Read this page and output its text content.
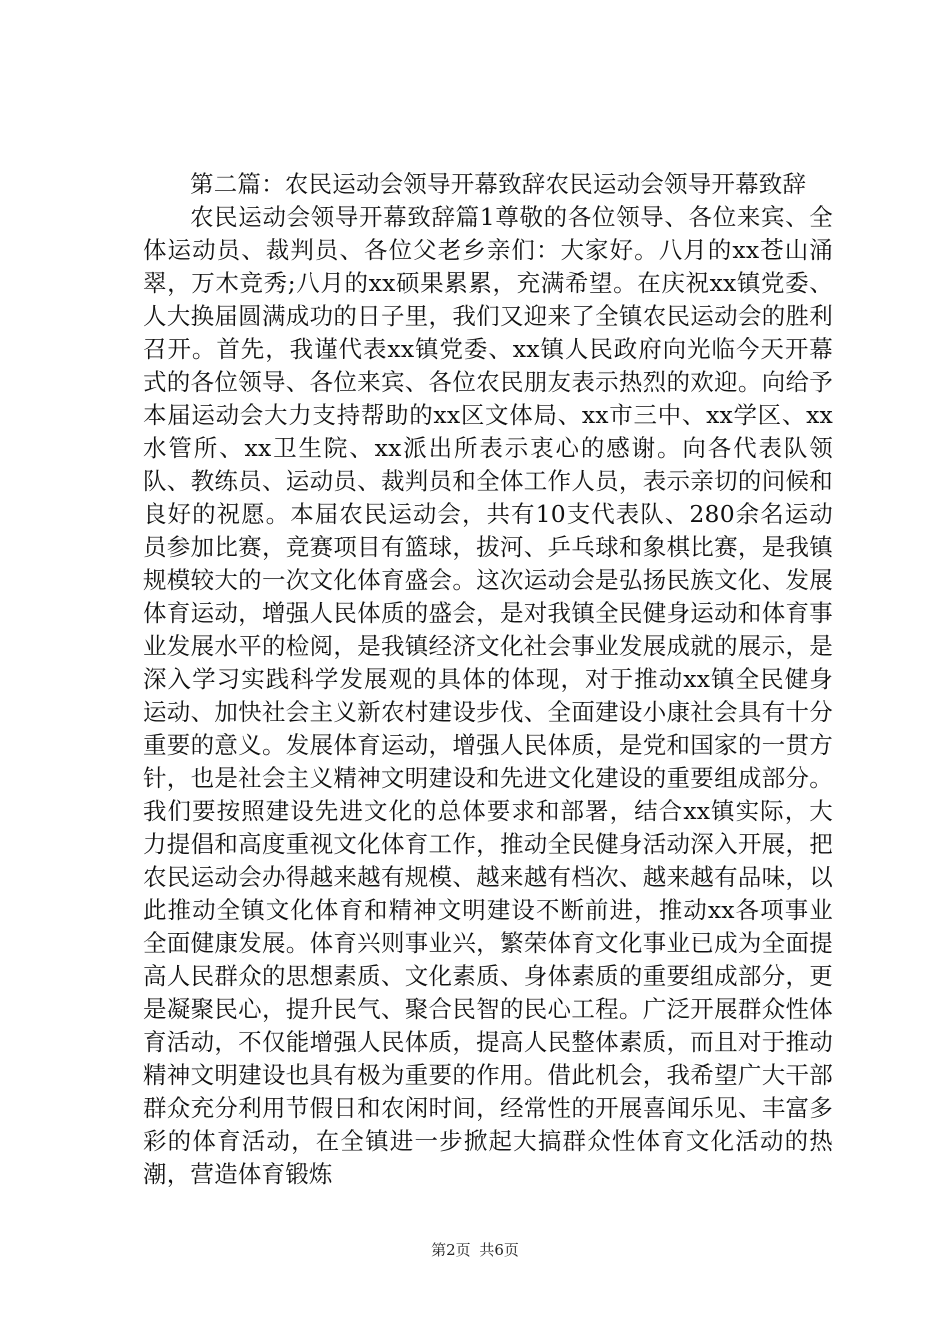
第二篇：农民运动会领导开幕致辞农民运动会领导开幕致辞

农民运动会领导开幕致辞篇1尊敬的各位领导、各位来宾、全体运动员、裁判员、各位父老乡亲们：大家好。八月的xx苍山涌翠，万木竞秀;八月的xx硕果累累，充满希望。在庆祝xx镇党委、人大换届圆满成功的日子里，我们又迎来了全镇农民运动会的胜利召开。首先，我谨代表xx镇党委、xx镇人民政府向光临今天开幕式的各位领导、各位来宾、各位农民朋友表示热烈的欢迎。向给予本届运动会大力支持帮助的xx区文体局、xx市三中、xx学区、xx水管所、xx卫生院、xx派出所表示衷心的感谢。向各代表队领队、教练员、运动员、裁判员和全体工作人员，表示亲切的问候和良好的祝愿。本届农民运动会，共有10支代表队、280余名运动员参加比赛，竞赛项目有篮球，拔河、乒乓球和象棋比赛，是我镇规模较大的一次文化体育盛会。这次运动会是弘扬民族文化、发展体育运动，增强人民体质的盛会，是对我镇全民健身运动和体育事业发展水平的检阅，是我镇经济文化社会事业发展成就的展示，是深入学习实践科学发展观的具体的体现，对于推动xx镇全民健身运动、加快社会主义新农村建设步伐、全面建设小康社会具有十分重要的意义。发展体育运动，增强人民体质，是党和国家的一贯方针，也是社会主义精神文明建设和先进文化建设的重要组成部分。我们要按照建设先进文化的总体要求和部署，结合xx镇实际，大力提倡和高度重视文化体育工作，推动全民健身活动深入开展，把农民运动会办得越来越有规模、越来越有档次、越来越有品味，以此推动全镇文化体育和精神文明建设不断前进，推动xx各项事业全面健康发展。体育兴则事业兴，繁荣体育文化事业已成为全面提高人民群众的思想素质、文化素质、身体素质的重要组成部分，更是凝聚民心，提升民气、聚合民智的民心工程。广泛开展群众性体育活动，不仅能增强人民体质，提高人民整体素质，而且对于推动精神文明建设也具有极为重要的作用。借此机会，我希望广大干部群众充分利用节假日和农闲时间，经常性的开展喜闻乐见、丰富多彩的体育活动，在全镇进一步掀起大搞群众性体育文化活动的热潮，营造体育锻炼

第2页 共6页
